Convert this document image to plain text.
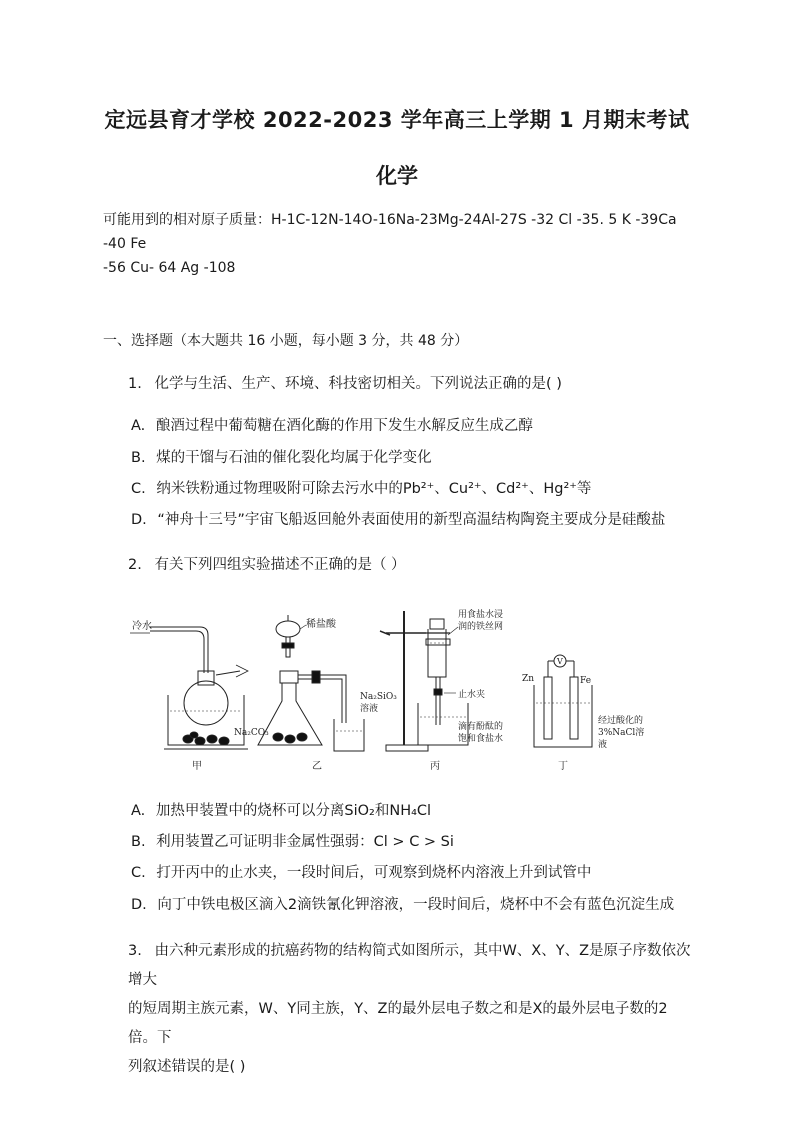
定远县育才学校 2022-2023 学年高三上学期 1 月期末考试
化学
可能用到的相对原子质量：H-1C-12N-14O-16Na-23Mg-24Al-27S -32 Cl -35. 5 K -39Ca -40 Fe
-56 Cu- 64 Ag -108
一、选择题（本大题共 16 小题，每小题 3 分，共 48 分）
1. 化学与生活、生产、环境、科技密切相关。下列说法正确的是( )
A. 酿酒过程中葡萄糖在酒化酶的作用下发生水解反应生成乙醇
B. 煤的干馏与石油的催化裂化均属于化学变化
C. 纳米铁粉通过物理吸附可除去污水中的Pb²⁺、Cu²⁺、Cd²⁺、Hg²⁺等
D. “神舟十三号”宇宙飞船返回舱外表面使用的新型高温结构陶瓷主要成分是硅酸盐
2. 有关下列四组实验描述不正确的是（ ）
冷水
甲
稀盐酸
Na₂CO₃
Na₂SiO₃
溶液
乙
用食盐水浸
润的铁丝网
止水夹
滴有酚酞的
饱和食盐水
丙
V
Zn	Fe
经过酸化的
3%NaCl溶
液
丁
A. 加热甲装置中的烧杯可以分离SiO₂和NH₄Cl
B. 利用装置乙可证明非金属性强弱：Cl > C > Si
C. 打开丙中的止水夹，一段时间后，可观察到烧杯内溶液上升到试管中
D. 向丁中铁电极区滴入2滴铁氰化钾溶液，一段时间后，烧杯中不会有蓝色沉淀生成
3. 由六种元素形成的抗癌药物的结构简式如图所示，其中W、X、Y、Z是原子序数依次增大
的短周期主族元素，W、Y同主族，Y、Z的最外层电子数之和是X的最外层电子数的2倍。下
列叙述错误的是( )
